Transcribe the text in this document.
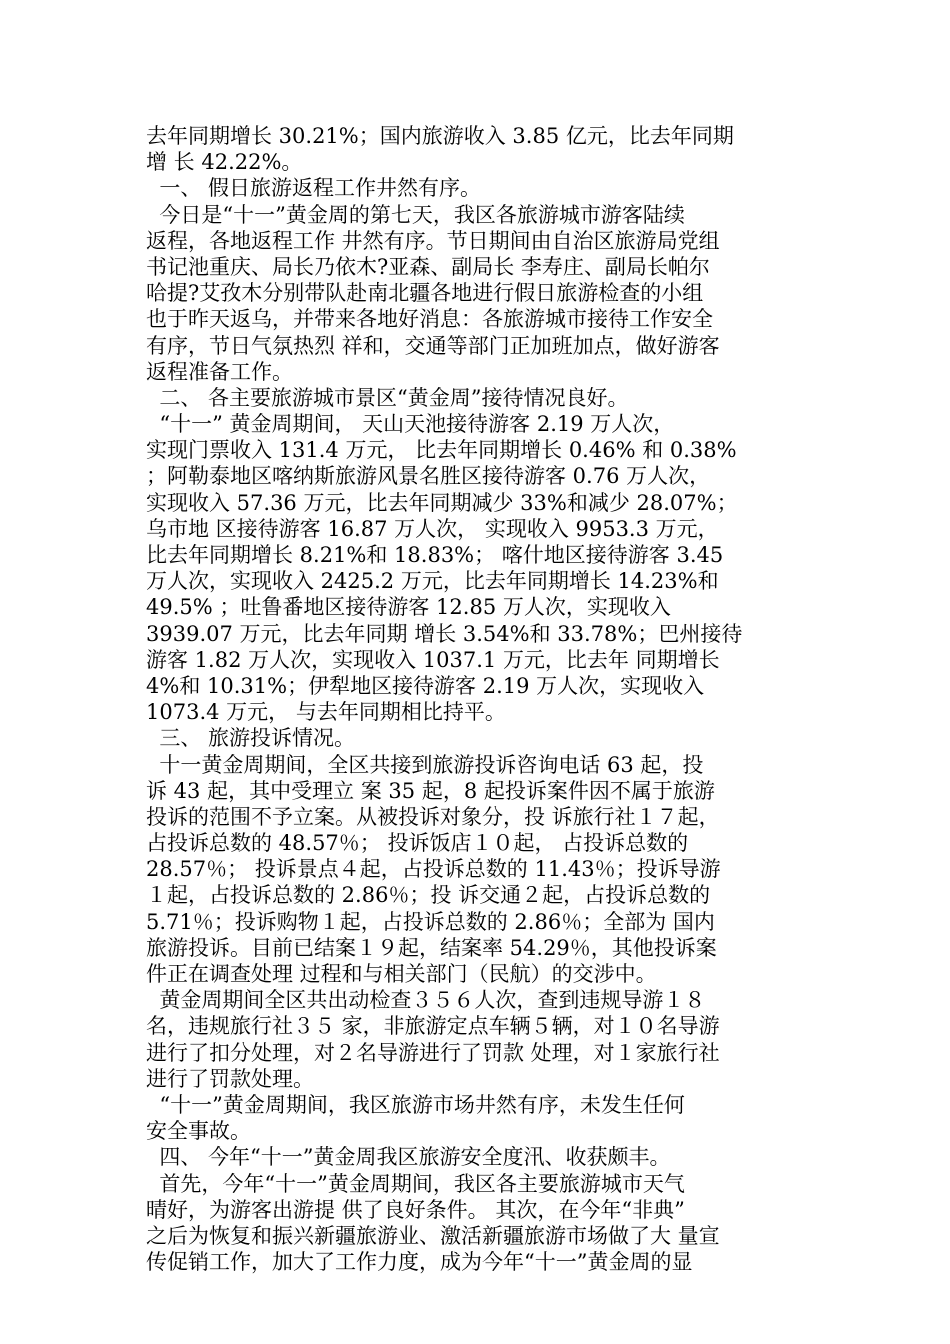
去年同期增长 30.21%；国内旅游收入 3.85 亿元，比去年同期
增 长 42.22%。
一、 假日旅游返程工作井然有序。
今日是“十一”黄金周的第七天，我区各旅游城市游客陆续
返程，各地返程工作 井然有序。节日期间由自治区旅游局党组
书记池重庆、局长乃依木?亚森、副局长 李寿庄、副局长帕尔
哈提?艾孜木分别带队赴南北疆各地进行假日旅游检查的小组
也于昨天返乌，并带来各地好消息：各旅游城市接待工作安全
有序，节日气氛热烈 祥和，交通等部门正加班加点，做好游客
返程准备工作。
二、 各主要旅游城市景区“黄金周”接待情况良好。
“十一” 黄金周期间， 天山天池接待游客 2.19 万人次，
实现门票收入 131.4 万元， 比去年同期增长 0.46% 和 0.38%
；阿勒泰地区喀纳斯旅游风景名胜区接待游客 0.76 万人次，
实现收入 57.36 万元，比去年同期减少 33%和减少 28.07%；
乌市地 区接待游客 16.87 万人次， 实现收入 9953.3 万元，
比去年同期增长 8.21%和 18.83%； 喀什地区接待游客 3.45
万人次，实现收入 2425.2 万元，比去年同期增长 14.23%和
49.5% ；吐鲁番地区接待游客 12.85 万人次，实现收入
3939.07 万元，比去年同期 增长 3.54%和 33.78%；巴州接待
游客 1.82 万人次，实现收入 1037.1 万元，比去年 同期增长
4%和 10.31%；伊犁地区接待游客 2.19 万人次，实现收入
1073.4 万元， 与去年同期相比持平。
三、 旅游投诉情况。
十一黄金周期间，全区共接到旅游投诉咨询电话 63 起，投
诉 43 起，其中受理立 案 35 起，8 起投诉案件因不属于旅游
投诉的范围不予立案。从被投诉对象分，投 诉旅行社１７起，
占投诉总数的 48.57％； 投诉饭店１０起， 占投诉总数的
28.57％； 投诉景点４起，占投诉总数的 11.43％；投诉导游
１起，占投诉总数的 2.86％；投 诉交通２起，占投诉总数的
5.71％；投诉购物１起，占投诉总数的 2.86％；全部为 国内
旅游投诉。目前已结案１９起，结案率 54.29％，其他投诉案
件正在调查处理 过程和与相关部门（民航）的交涉中。
黄金周期间全区共出动检查３５６人次，查到违规导游１８
名，违规旅行社３５ 家，非旅游定点车辆５辆，对１０名导游
进行了扣分处理，对２名导游进行了罚款 处理，对１家旅行社
进行了罚款处理。
“十一”黄金周期间，我区旅游市场井然有序，未发生任何
安全事故。
四、 今年“十一”黄金周我区旅游安全度汛、收获颇丰。
首先，今年“十一”黄金周期间，我区各主要旅游城市天气
晴好，为游客出游提 供了良好条件。 其次，在今年“非典”
之后为恢复和振兴新疆旅游业、激活新疆旅游市场做了大 量宣
传促销工作，加大了工作力度，成为今年“十一”黄金周的显
